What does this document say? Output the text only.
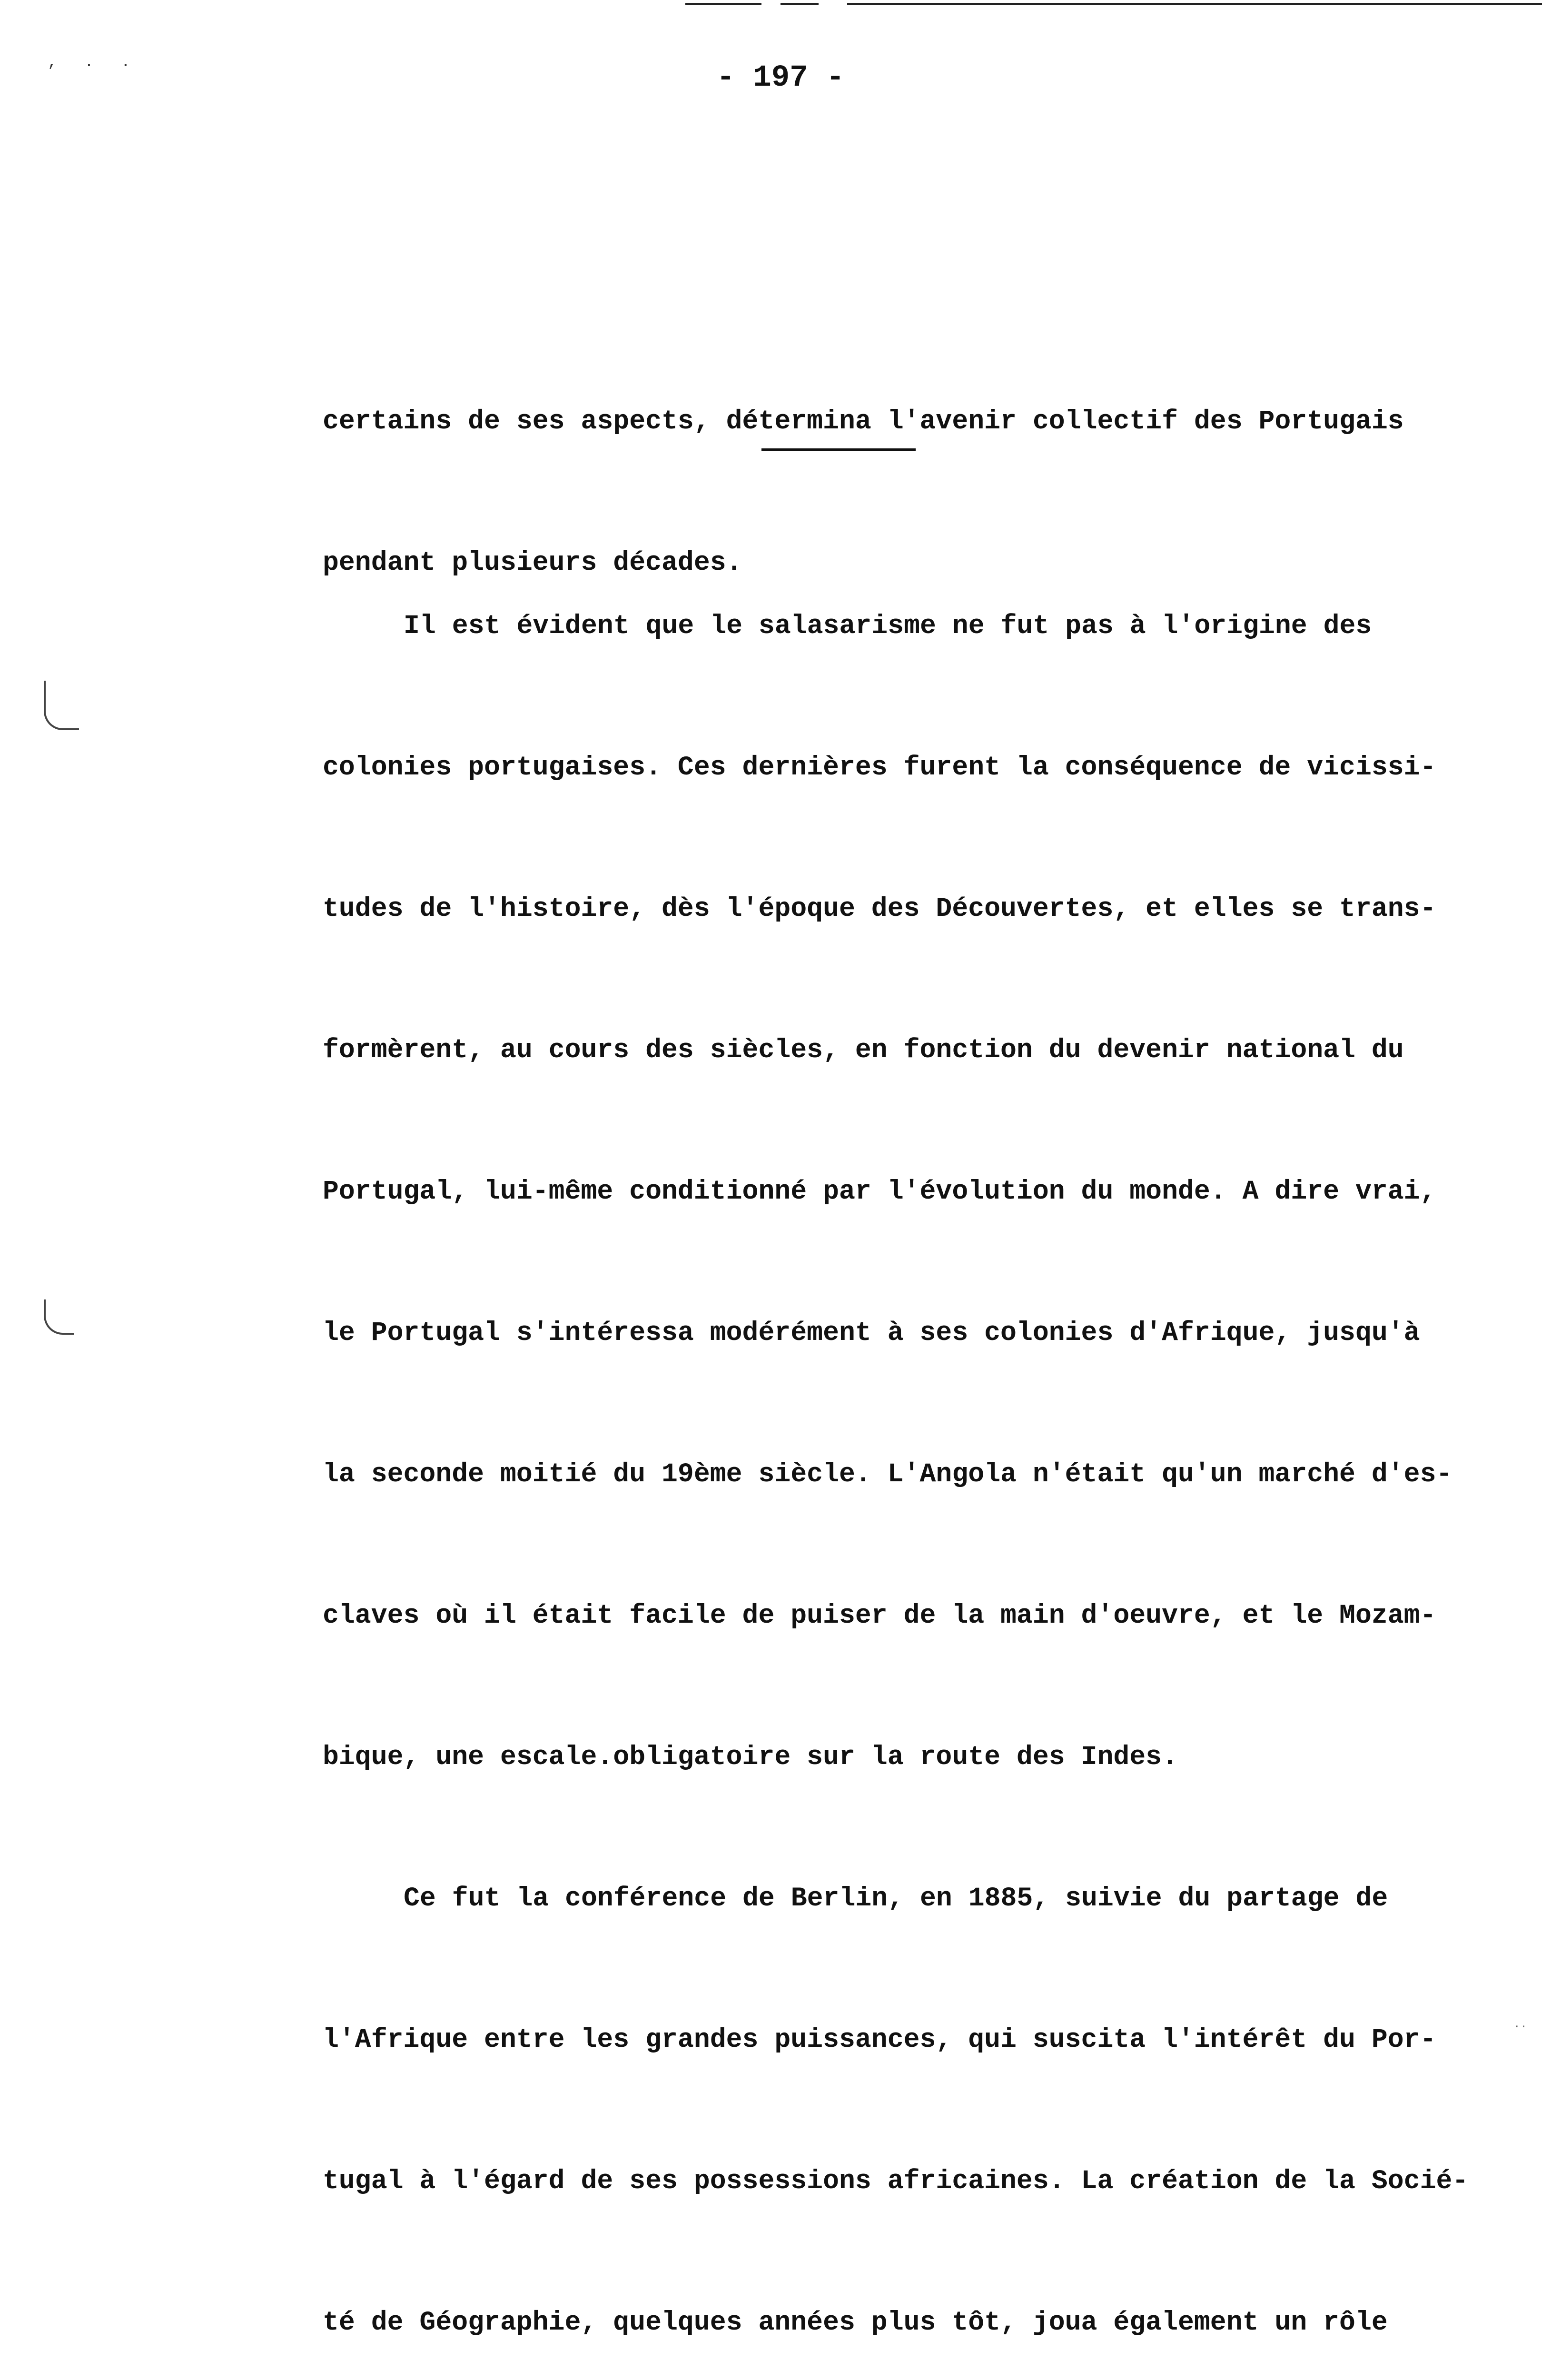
, . .
..
- 197 -

certains de ses aspects, détermina l'avenir collectif des Portugais

pendant plusieurs décades.

Il est évident que le salasarisme ne fut pas à l'origine des

colonies portugaises. Ces dernières furent la conséquence de vicissi-

tudes de l'histoire, dès l'époque des Découvertes, et elles se trans-

formèrent, au cours des siècles, en fonction du devenir national du

Portugal, lui-même conditionné par l'évolution du monde. A dire vrai,

le Portugal s'intéressa modérément à ses colonies d'Afrique, jusqu'à

la seconde moitié du 19ème siècle. L'Angola n'était qu'un marché d'es-

claves où il était facile de puiser de la main d'oeuvre, et le Mozam-

bique, une escale.obligatoire sur la route des Indes.

Ce fut la conférence de Berlin, en 1885, suivie du partage de

l'Afrique entre les grandes puissances, qui suscita l'intérêt du Por-

tugal à l'égard de ses possessions africaines. La création de la Socié-

té de Géographie, quelques années plus tôt, joua également un rôle
